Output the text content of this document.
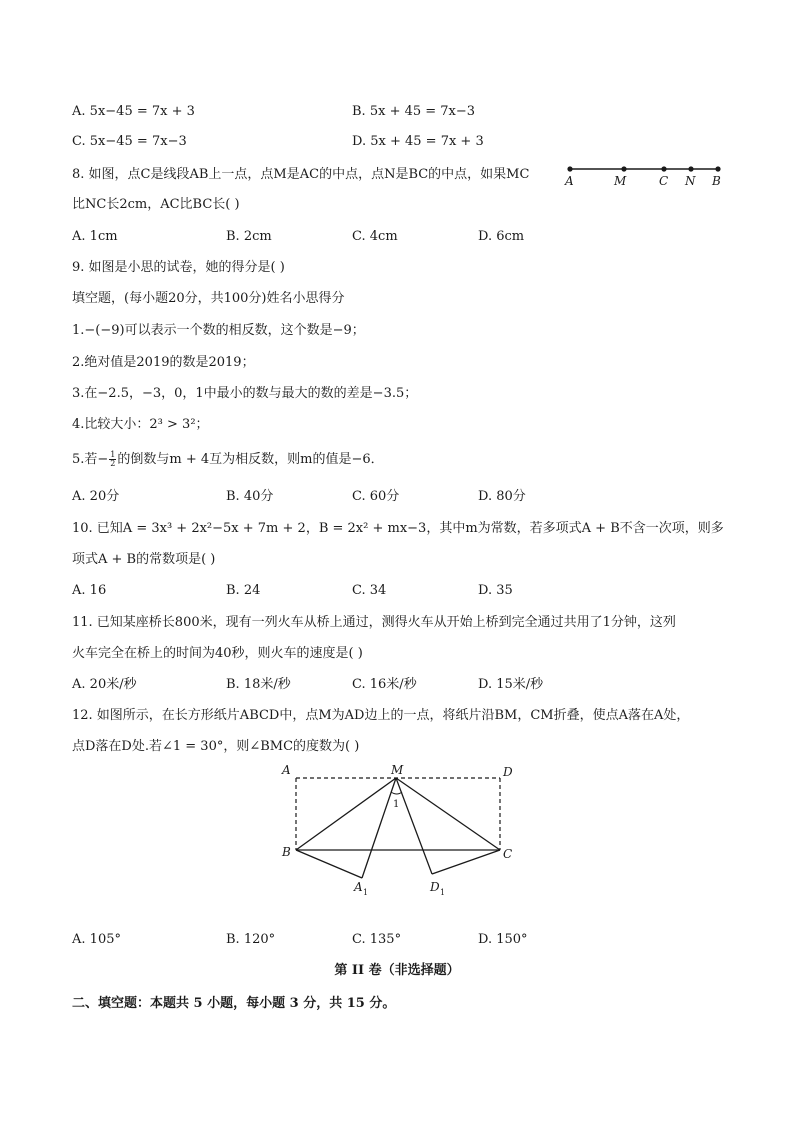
A. 5x−45 = 7x + 3	B. 5x + 45 = 7x−3
C. 5x−45 = 7x−3	D. 5x + 45 = 7x + 3
8. 如图，点C是线段AB上一点，点M是AC的中点，点N是BC的中点，如果MC
比NC长2cm，AC比BC长( )
A	M	C N B
A. 1cm	B. 2cm	C. 4cm	D. 6cm
9. 如图是小思的试卷，她的得分是( )
填空题，(每小题20分，共100分)姓名小思得分
1.−(−9)可以表示一个数的相反数，这个数是−9；
2.绝对值是2019的数是2019；
3.在−2.5，−3，0，1中最小的数与最大的数的差是−3.5；
4.比较大小：2³ > 3²；
5.若− $\frac{1}{2}$ 的倒数与m + 4互为相反数，则m的值是−6．
A. 20分	B. 40分	C. 60分	D. 80分
10. 已知A = 3x³ + 2x²−5x + 7m + 2，B = 2x² + mx−3，其中m为常数，若多项式A + B不含一次项，则多
项式A + B的常数项是( )
A. 16	B. 24	C. 34	D. 35
11. 已知某座桥长800米，现有一列火车从桥上通过，测得火车从开始上桥到完全通过共用了1分钟，这列
火车完全在桥上的时间为40秒，则火车的速度是( )
A. 20米/秒	B. 18米/秒	C. 16米/秒	D. 15米/秒
12. 如图所示，在长方形纸片ABCD中，点M为AD边上的一点，将纸片沿BM，CM折叠，使点A落在A处，
点D落在D处.若∠1 = 30°，则∠BMC的度数为( )
A	M	D
B	C
A 1	D 1
1
A. 105°	B. 120°	C. 135°	D. 150°
第 II 卷（非选择题）
二、填空题：本题共 5 小题，每小题 3 分，共 15 分。
